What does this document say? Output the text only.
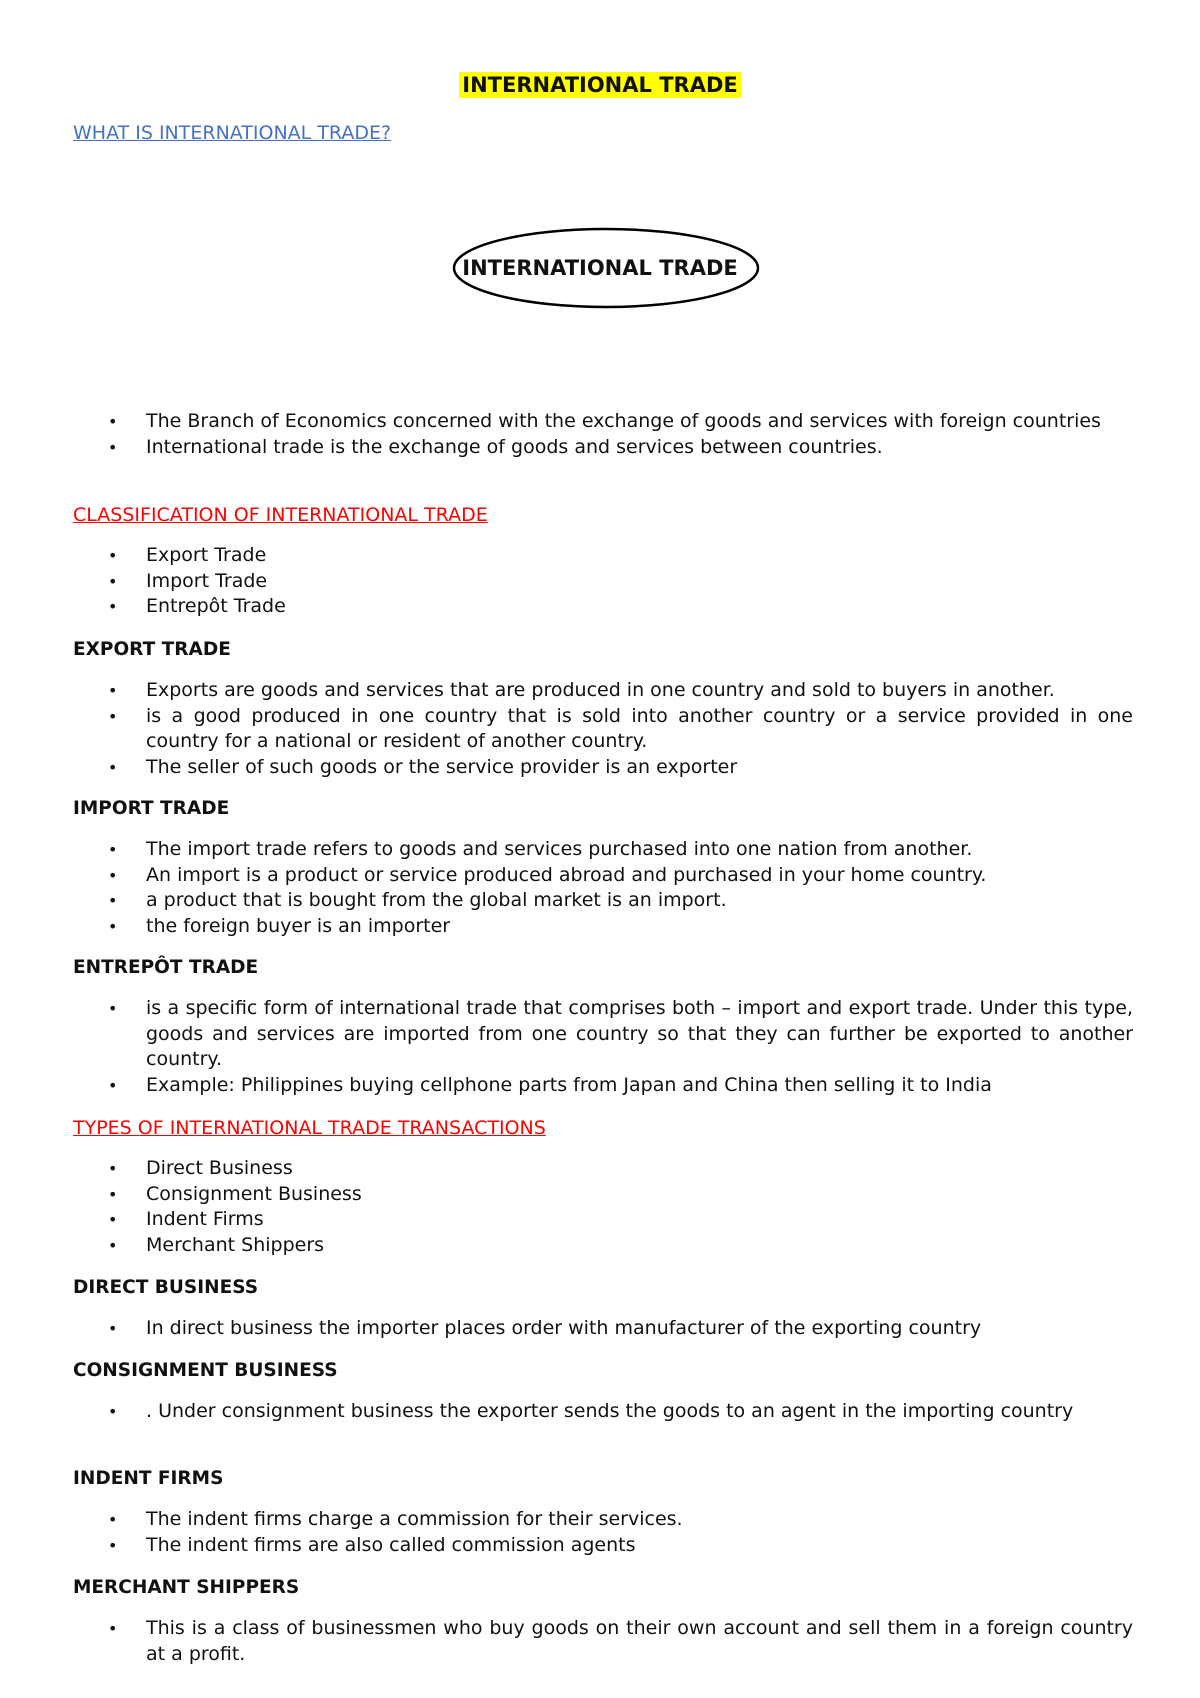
INTERNATIONAL TRADE
WHAT IS INTERNATIONAL TRADE?
INTERNATIONAL TRADE
• The Branch of Economics concerned with the exchange of goods and services with foreign countries
• International trade is the exchange of goods and services between countries.
CLASSIFICATION OF INTERNATIONAL TRADE
• Export Trade
• Import Trade
• Entrepôt Trade
EXPORT TRADE
• Exports are goods and services that are produced in one country and sold to buyers in another.
• is a good produced in one country that is sold into another country or a service provided in one country for a national or resident of another country.
• The seller of such goods or the service provider is an exporter
IMPORT TRADE
• The import trade refers to goods and services purchased into one nation from another.
• An import is a product or service produced abroad and purchased in your home country.
• a product that is bought from the global market is an import.
• the foreign buyer is an importer
ENTREPÔT TRADE
• is a specific form of international trade that comprises both – import and export trade. Under this type, goods and services are imported from one country so that they can further be exported to another country.
• Example: Philippines buying cellphone parts from Japan and China then selling it to India
TYPES OF INTERNATIONAL TRADE TRANSACTIONS
• Direct Business
• Consignment Business
• Indent Firms
• Merchant Shippers
DIRECT BUSINESS
• In direct business the importer places order with manufacturer of the exporting country
CONSIGNMENT BUSINESS
• . Under consignment business the exporter sends the goods to an agent in the importing country
INDENT FIRMS
• The indent firms charge a commission for their services.
• The indent firms are also called commission agents
MERCHANT SHIPPERS
• This is a class of businessmen who buy goods on their own account and sell them in a foreign country at a profit.
